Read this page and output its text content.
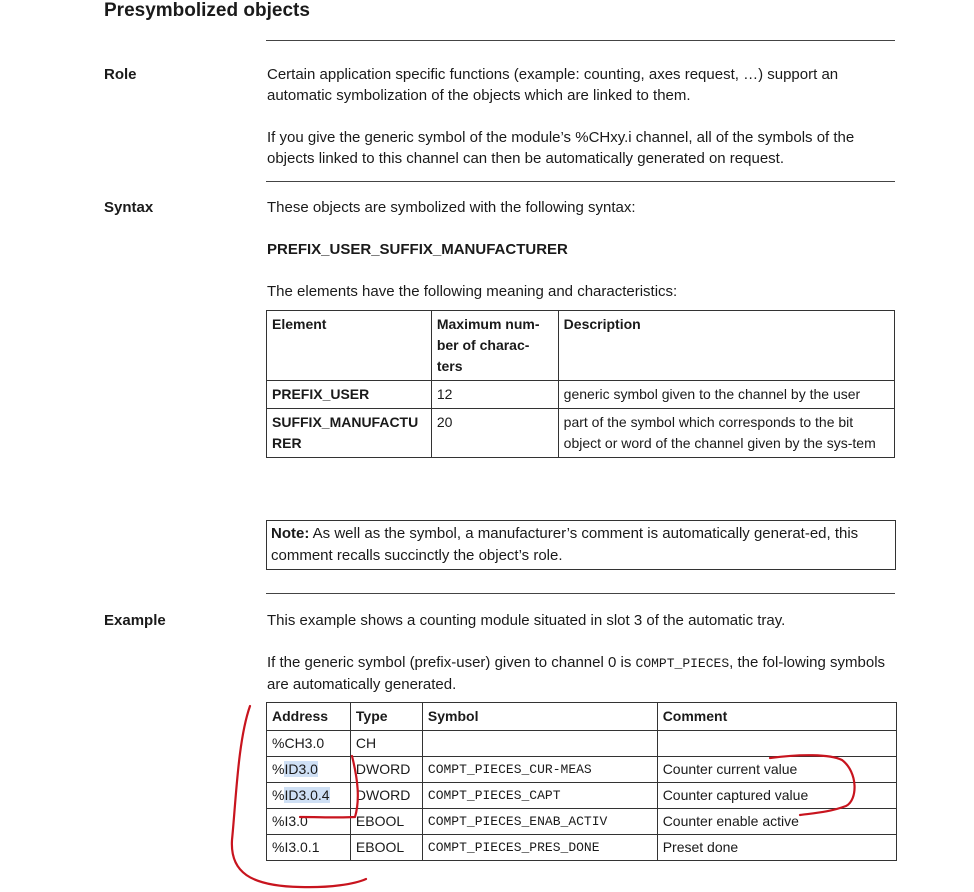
Presymbolized objects

Role	Certain application specific functions (example: counting, axes request, …) support an automatic symbolization of the objects which are linked to them.

If you give the generic symbol of the module’s %CHxy.i channel, all of the symbols of the objects linked to this channel can then be automatically generated on request.

Syntax	These objects are symbolized with the following syntax:

PREFIX_USER_SUFFIX_MANUFACTURER

The elements have the following meaning and characteristics:

Element	Maximum num-ber of charac-ters	Description
PREFIX_USER	12	generic symbol given to the channel by the user
SUFFIX_MANUFACTURER	20	part of the symbol which corresponds to the bit object or word of the channel given by the sys-tem
Note: As well as the symbol, a manufacturer’s comment is automatically generat-ed, this comment recalls succinctly the object’s role.

Example	This example shows a counting module situated in slot 3 of the automatic tray.

If the generic symbol (prefix-user) given to channel 0 is COMPT_PIECES, the fol-lowing symbols are automatically generated.

Address	Type	Symbol	Comment
%CH3.0	CH		
%ID3.0	DWORD	COMPT_PIECES_CUR-MEAS	Counter current value
%ID3.0.4	DWORD	COMPT_PIECES_CAPT	Counter captured value
%I3.0	EBOOL	COMPT_PIECES_ENAB_ACTIV	Counter enable active
%I3.0.1	EBOOL	COMPT_PIECES_PRES_DONE	Preset done
